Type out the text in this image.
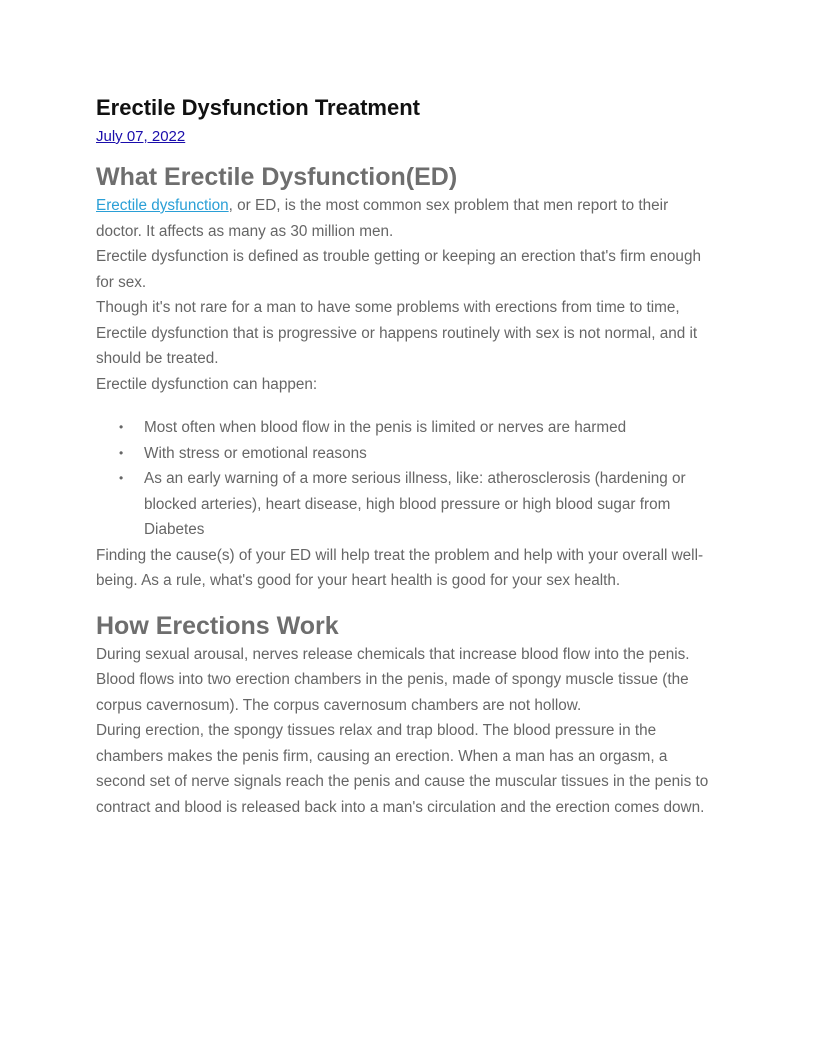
Erectile Dysfunction Treatment
July 07, 2022
What Erectile Dysfunction(ED)

Erectile dysfunction, or ED, is the most common sex problem that men report to their doctor. It affects as many as 30 million men.

Erectile dysfunction is defined as trouble getting or keeping an erection that's firm enough for sex.

Though it's not rare for a man to have some problems with erections from time to time, Erectile dysfunction that is progressive or happens routinely with sex is not normal, and it should be treated.

Erectile dysfunction can happen:

• Most often when blood flow in the penis is limited or nerves are harmed
• With stress or emotional reasons
• As an early warning of a more serious illness, like: atherosclerosis (hardening or blocked arteries), heart disease, high blood pressure or high blood sugar from Diabetes

Finding the cause(s) of your ED will help treat the problem and help with your overall well-being. As a rule, what's good for your heart health is good for your sex health.

How Erections Work

During sexual arousal, nerves release chemicals that increase blood flow into the penis. Blood flows into two erection chambers in the penis, made of spongy muscle tissue (the corpus cavernosum). The corpus cavernosum chambers are not hollow.

During erection, the spongy tissues relax and trap blood. The blood pressure in the chambers makes the penis firm, causing an erection. When a man has an orgasm, a second set of nerve signals reach the penis and cause the muscular tissues in the penis to contract and blood is released back into a man's circulation and the erection comes down.
